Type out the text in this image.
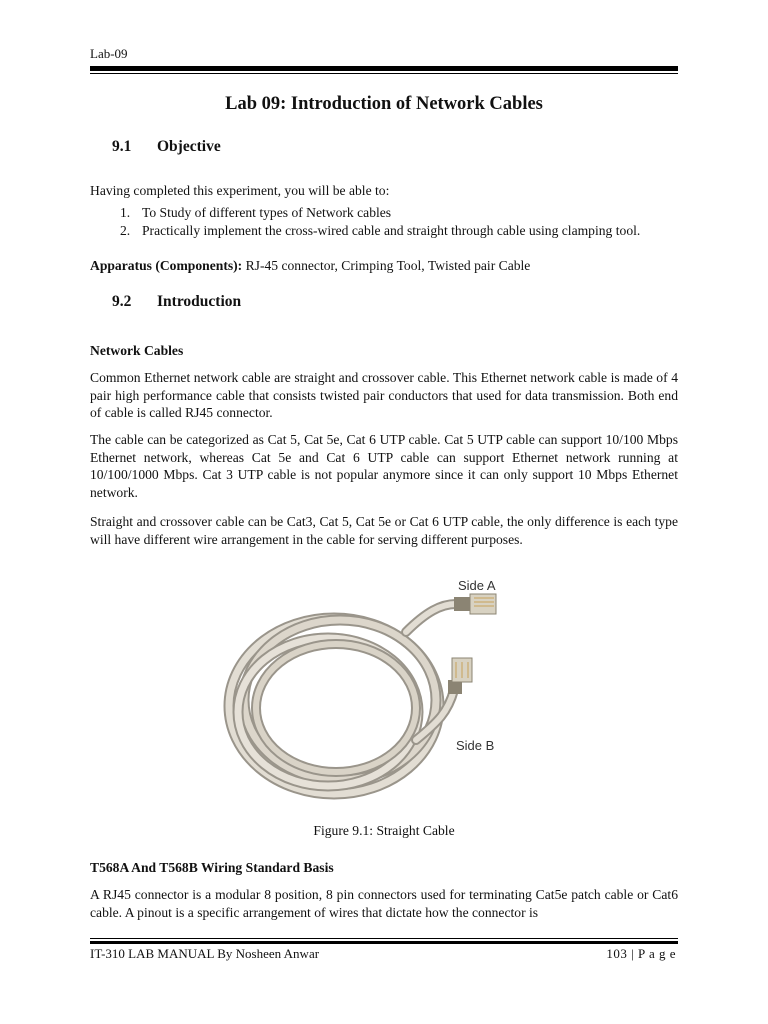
Lab-09
Lab 09: Introduction of Network Cables
9.1 Objective
Having completed this experiment, you will be able to:
1. To Study of different types of Network cables
2. Practically implement the cross-wired cable and straight through cable using clamping tool.
Apparatus (Components): RJ-45 connector, Crimping Tool, Twisted pair Cable
9.2 Introduction
Network Cables
Common Ethernet network cable are straight and crossover cable. This Ethernet network cable is made of 4 pair high performance cable that consists twisted pair conductors that used for data transmission. Both end of cable is called RJ45 connector.
The cable can be categorized as Cat 5, Cat 5e, Cat 6 UTP cable. Cat 5 UTP cable can support 10/100 Mbps Ethernet network, whereas Cat 5e and Cat 6 UTP cable can support Ethernet network running at 10/100/1000 Mbps. Cat 3 UTP cable is not popular anymore since it can only support 10 Mbps Ethernet network.
Straight and crossover cable can be Cat3, Cat 5, Cat 5e or Cat 6 UTP cable, the only difference is each type will have different wire arrangement in the cable for serving different purposes.
Side A
Side B
Figure 9.1: Straight Cable
T568A And T568B Wiring Standard Basis
A RJ45 connector is a modular 8 position, 8 pin connectors used for terminating Cat5e patch cable or Cat6 cable. A pinout is a specific arrangement of wires that dictate how the connector is
IT-310 LAB MANUAL By Nosheen Anwar	103 | P a g e
